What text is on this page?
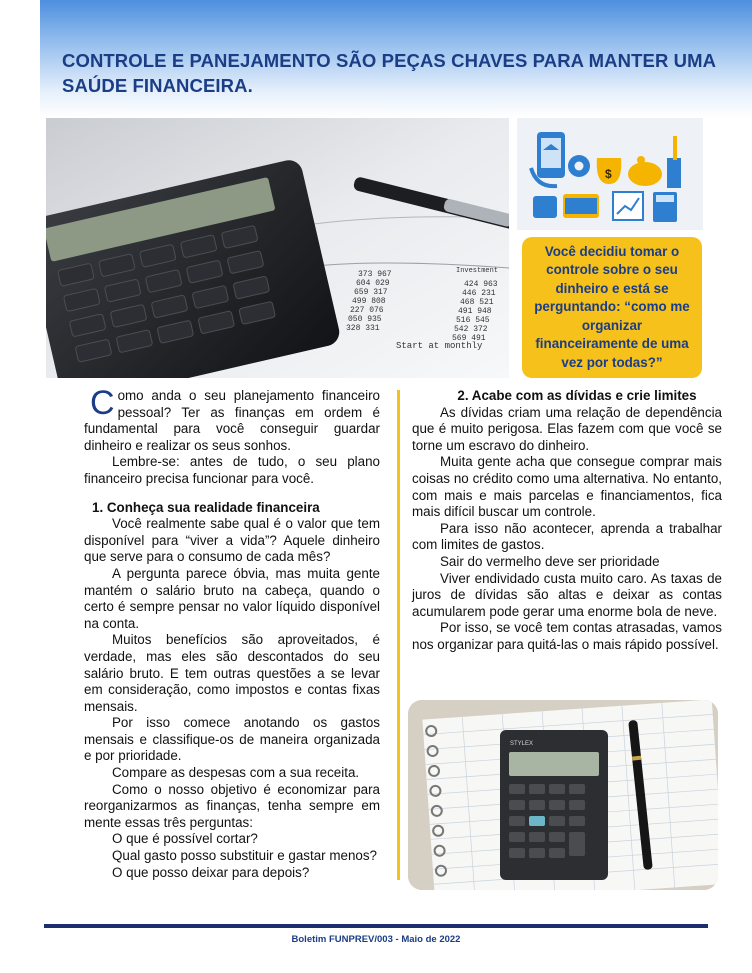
CONTROLE E PANEJAMENTO SÃO PEÇAS CHAVES PARA MANTER UMA SAÚDE FINANCEIRA.
373 967
604 029
659 317
499 808
227 076
050 935
328 331
424 963
446 231
468 521
491 948
516 545
542 372
569 491
Investment
Start at monthly
$
Você decidiu tomar o controle sobre o seu dinheiro e está se perguntando: “como me organizar financeiramente de uma vez por todas?”

Como anda o seu planejamento financeiro pessoal? Ter as finanças em ordem é fundamental para você conseguir guardar dinheiro e realizar os seus sonhos.

Lembre-se: antes de tudo, o seu plano financeiro precisa funcionar para você.

1. Conheça sua realidade financeira

Você realmente sabe qual é o valor que tem disponível para “viver a vida”? Aquele dinheiro que serve para o consumo de cada mês?

A pergunta parece óbvia, mas muita gente mantém o salário bruto na cabeça, quando o certo é sempre pensar no valor líquido disponível na conta.

Muitos benefícios são aproveitados, é verdade, mas eles são descontados do seu salário bruto. E tem outras questões a se levar em consideração, como impostos e contas fixas mensais.

Por isso comece anotando os gastos mensais e classifique-os de maneira organizada e por prioridade.

Compare as despesas com a sua receita.

Como o nosso objetivo é economizar para reorganizarmos as finanças, tenha sempre em mente essas três perguntas:

O que é possível cortar?

Qual gasto posso substituir e gastar menos?

O que posso deixar para depois?

2. Acabe com as dívidas e crie limites

As dívidas criam uma relação de dependência que é muito perigosa. Elas fazem com que você se torne um escravo do dinheiro.

Muita gente acha que consegue comprar mais coisas no crédito como uma alternativa. No entanto, com mais e mais parcelas e financiamentos, fica mais difícil buscar um controle.

Para isso não acontecer, aprenda a trabalhar com limites de gastos.

Sair do vermelho deve ser prioridade

Viver endividado custa muito caro. As taxas de juros de dívidas são altas e deixar as contas acumularem pode gerar uma enorme bola de neve.

Por isso, se você tem contas atrasadas, vamos nos organizar para quitá-las o mais rápido possível.

STYLEX
Boletim FUNPREV/003 - Maio de 2022
